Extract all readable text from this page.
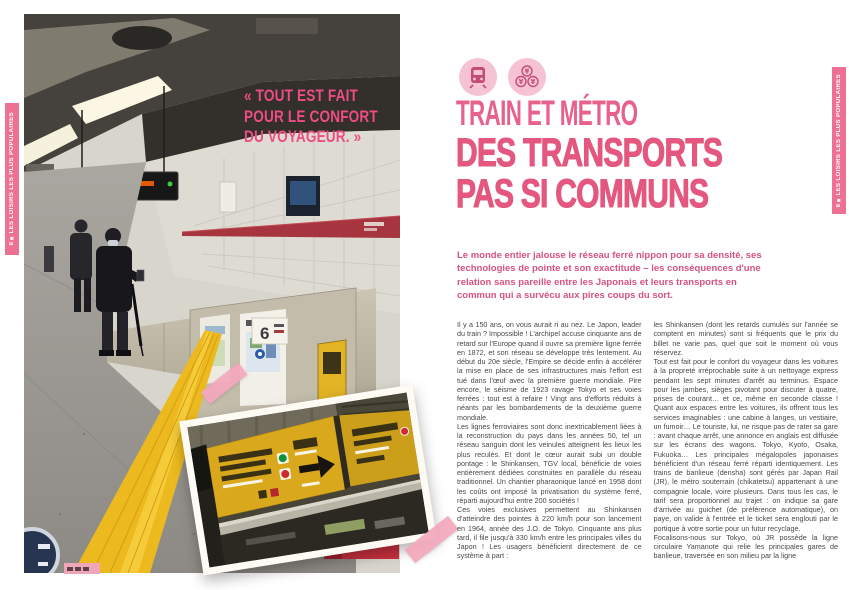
8 ■ LES LOISIRS LES PLUS POPULAIRES
6
« TOUT EST FAIT
POUR LE CONFORT
DU VOYAGEUR. »
¥
¥ ¥
TRAIN ET MÉTRO
DES TRANSPORTS
PAS SI COMMUNS
Le monde entier jalouse le réseau ferré nippon pour sa densité, ses technologies de pointe et son exactitude – les conséquences d'une relation sans pareille entre les Japonais et leurs transports en commun qui a survécu aux pires coups du sort.

Il y a 150 ans, on vous aurait ri au nez. Le Japon, leader du train ? Impossible ! L'archipel accuse cinquante ans de retard sur l'Europe quand il ouvre sa première ligne ferrée en 1872, et son réseau se développe très lentement. Au début du 20e siècle, l'Empire se décide enfin à accélérer la mise en place de ses infrastructures mais l'effort est tué dans l'œuf avec la première guerre mondiale. Pire encore, le séisme de 1923 ravage Tokyo et ses voies ferrées : tout est à refaire ! Vingt ans d'efforts réduits à néants par les bombardements de la deuxième guerre mondiale.

Les lignes ferroviaires sont donc inextricablement liées à la reconstruction du pays dans les années 50, tel un réseau sanguin dont les veinules atteignent les lieux les plus reculés. Et dont le cœur aurait subi un double pontage : le Shinkansen, TGV local, bénéficie de voies entièrement dédiées construites en parallèle du réseau traditionnel. Un chantier pharaonique lancé en 1958 dont les coûts ont imposé la privatisation du système ferré, réparti aujourd'hui entre 200 sociétés !

Ces voies exclusives permettent au Shinkansen d'atteindre des pointes à 220 km/h pour son lancement en 1964, année des J.O. de Tokyo. Cinquante ans plus tard, il file jusqu'à 330 km/h entre les principales villes du Japon ! Les usagers bénéficient directement de ce système à part :

les Shinkansen (dont les retards cumulés sur l'année se comptent en minutes) sont si fréquents que le prix du billet ne varie pas, quel que soit le moment où vous réservez.

Tout est fait pour le confort du voyageur dans les voitures à la propreté irréprochable suite à un nettoyage express pendant les sept minutes d'arrêt au terminus. Espace pour les jambes, sièges pivotant pour discuter à quatre, prises de courant… et ce, même en seconde classe ! Quant aux espaces entre les voitures, ils offrent tous les services imaginables : une cabine à langes, un vestiaire, un fumoir… Le touriste, lui, ne risque pas de rater sa gare : avant chaque arrêt, une annonce en anglais est diffusée sur les écrans des wagons. Tokyo, Kyoto, Osaka, Fukuoka… Les principales mégalopoles japonaises bénéficient d'un réseau ferré réparti identiquement. Les trains de banlieue (densha) sont gérés par Japan Rail (JR), le métro souterrain (chikatetsu) appartenant à une compagnie locale, voire plusieurs. Dans tous les cas, le tarif sera proportionnel au trajet : on indique sa gare d'arrivée au guichet (de préférence automatique), on paye, on valide à l'entrée et le ticket sera englouti par le portique à votre sortie pour un futur recyclage.

Focalisons-nous sur Tokyo, où JR possède la ligne circulaire Yamanote qui relie les principales gares de banlieue, traversée en son milieu par la ligne

8 ■ LES LOISIRS LES PLUS POPULAIRES
